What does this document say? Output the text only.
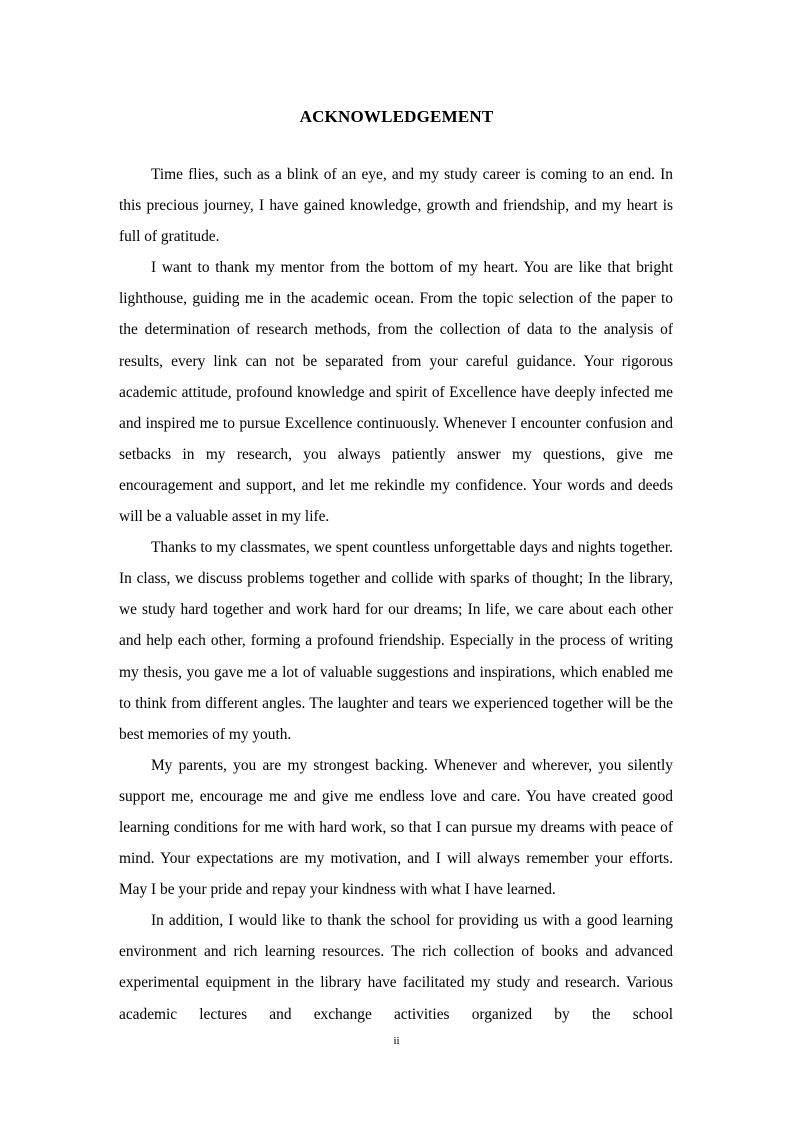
ACKNOWLEDGEMENT

Time flies, such as a blink of an eye, and my study career is coming to an end. In this precious journey, I have gained knowledge, growth and friendship, and my heart is full of gratitude.

I want to thank my mentor from the bottom of my heart. You are like that bright lighthouse, guiding me in the academic ocean. From the topic selection of the paper to the determination of research methods, from the collection of data to the analysis of results, every link can not be separated from your careful guidance. Your rigorous academic attitude, profound knowledge and spirit of Excellence have deeply infected me and inspired me to pursue Excellence continuously. Whenever I encounter confusion and setbacks in my research, you always patiently answer my questions, give me encouragement and support, and let me rekindle my confidence. Your words and deeds will be a valuable asset in my life.

Thanks to my classmates, we spent countless unforgettable days and nights together. In class, we discuss problems together and collide with sparks of thought; In the library, we study hard together and work hard for our dreams; In life, we care about each other and help each other, forming a profound friendship. Especially in the process of writing my thesis, you gave me a lot of valuable suggestions and inspirations, which enabled me to think from different angles. The laughter and tears we experienced together will be the best memories of my youth.

My parents, you are my strongest backing. Whenever and wherever, you silently support me, encourage me and give me endless love and care. You have created good learning conditions for me with hard work, so that I can pursue my dreams with peace of mind. Your expectations are my motivation, and I will always remember your efforts. May I be your pride and repay your kindness with what I have learned.

In addition, I would like to thank the school for providing us with a good learning environment and rich learning resources. The rich collection of books and advanced experimental equipment in the library have facilitated my study and research. Various academic lectures and exchange activities organized by the school

ii
